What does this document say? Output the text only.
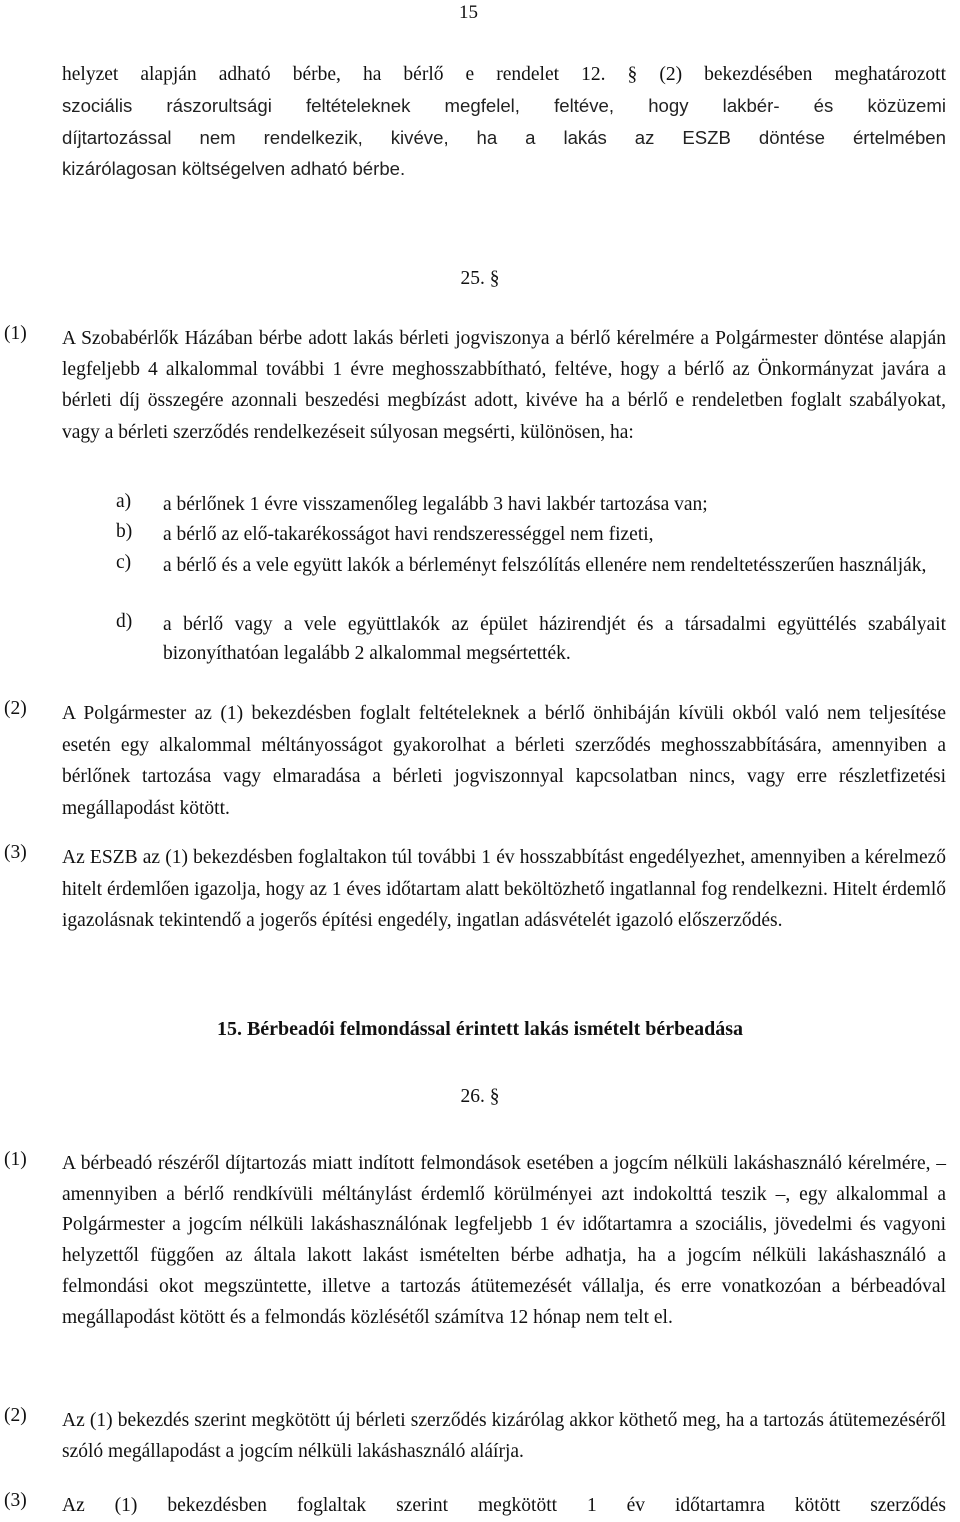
15
helyzet alapján adható bérbe, ha bérlő e rendelet 12. § (2) bekezdésében meghatározott
szociális rászorultsági feltételeknek megfelel, feltéve, hogy lakbér- és közüzemi
díjtartozással nem rendelkezik, kivéve, ha a lakás az ESZB döntése értelmében
kizárólagosan költségelven adható bérbe.
25. §
(1)	A Szobabérlők Házában bérbe adott lakás bérleti jogviszonya a bérlő kérelmére a Polgármester döntése alapján legfeljebb 4 alkalommal további 1 évre meghosszabbítható, feltéve, hogy a bérlő az Önkormányzat javára a bérleti díj összegére azonnali beszedési megbízást adott, kivéve ha a bérlő e rendeletben foglalt szabályokat, vagy a bérleti szerződés rendelkezéseit súlyosan megsérti, különösen, ha:

a)	a bérlőnek 1 évre visszamenőleg legalább 3 havi lakbér tartozása van;

b)	a bérlő az elő-takarékosságot havi rendszerességgel nem fizeti,

c)	a bérlő és a vele együtt lakók a bérleményt felszólítás ellenére nem rendeltetésszerűen használják,

d)	a bérlő vagy a vele együttlakók az épület házirendjét és a társadalmi együttélés szabályait bizonyíthatóan legalább 2 alkalommal megsértették.

(2)	A Polgármester az (1) bekezdésben foglalt feltételeknek a bérlő önhibáján kívüli okból való nem teljesítése esetén egy alkalommal méltányosságot gyakorolhat a bérleti szerződés meghosszabbítására, amennyiben a bérlőnek tartozása vagy elmaradása a bérleti jogviszonnyal kapcsolatban nincs, vagy erre részletfizetési megállapodást kötött.

(3)	Az ESZB az (1) bekezdésben foglaltakon túl további 1 év hosszabbítást engedélyezhet, amennyiben a kérelmező hitelt érdemlően igazolja, hogy az 1 éves időtartam alatt beköltözhető ingatlannal fog rendelkezni. Hitelt érdemlő igazolásnak tekintendő a jogerős építési engedély, ingatlan adásvételét igazoló előszerződés.

15. Bérbeadói felmondással érintett lakás ismételt bérbeadása
26. §
(1)	A bérbeadó részéről díjtartozás miatt indított felmondások esetében a jogcím nélküli lakáshasználó kérelmére, – amennyiben a bérlő rendkívüli méltánylást érdemlő körülményei azt indokolttá teszik –, egy alkalommal a Polgármester a jogcím nélküli lakáshasználónak legfeljebb 1 év időtartamra a szociális, jövedelmi és vagyoni helyzettől függően az általa lakott lakást ismételten bérbe adhatja, ha a jogcím nélküli lakáshasználó a felmondási okot megszüntette, illetve a tartozás átütemezését vállalja, és erre vonatkozóan a bérbeadóval megállapodást kötött és a felmondás közlésétől számítva 12 hónap nem telt el.

(2)	Az (1) bekezdés szerint megkötött új bérleti szerződés kizárólag akkor köthető meg, ha a tartozás átütemezéséről szóló megállapodást a jogcím nélküli lakáshasználó aláírja.

(3)	Az (1) bekezdésben foglaltak szerint megkötött 1 év időtartamra kötött szerződés
